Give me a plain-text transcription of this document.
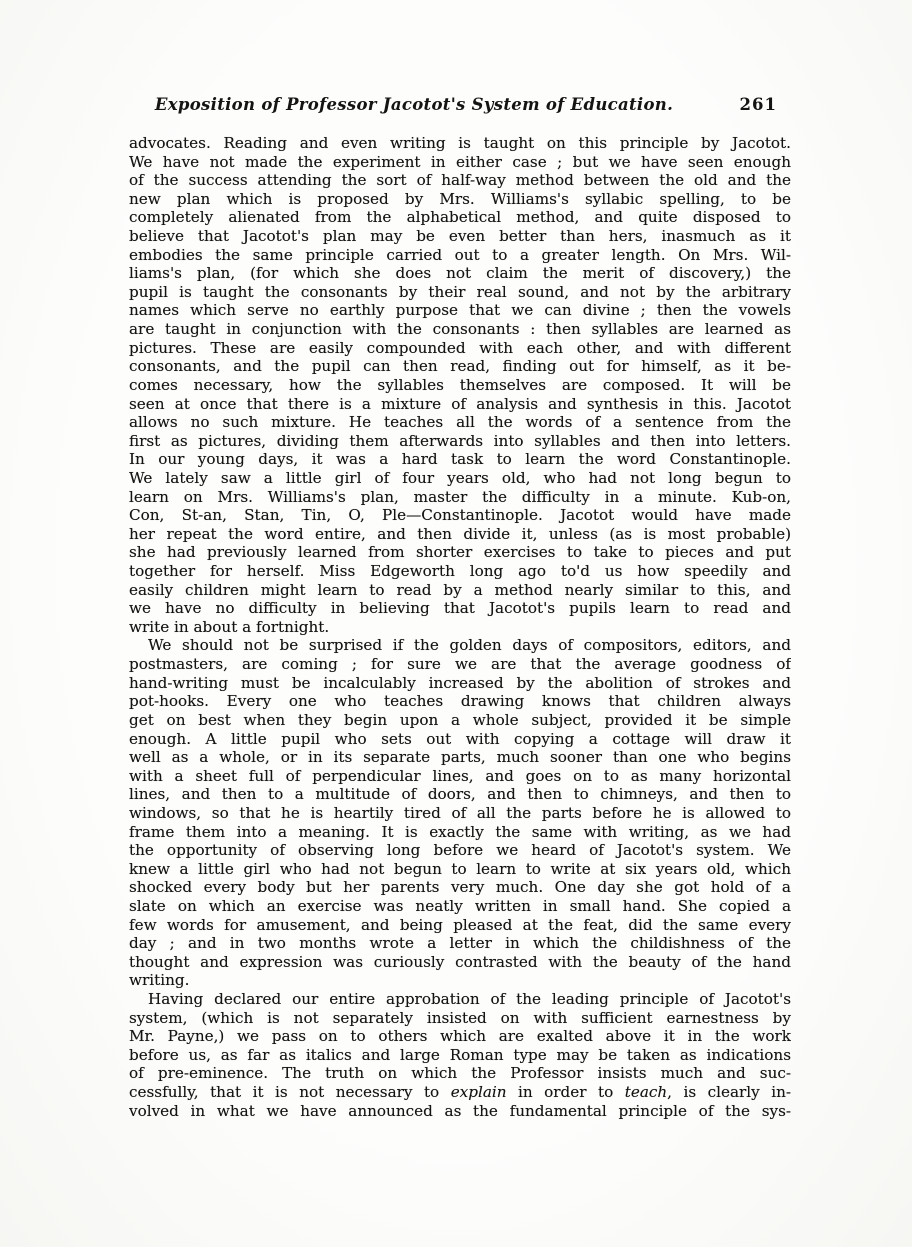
Exposition of Professor Jacotot's System of Education.	261
advocates. Reading and even writing is taught on this principle by Jacotot.
We have not made the experiment in either case ; but we have seen enough
of the success attending the sort of half-way method between the old and the
new plan which is proposed by Mrs. Williams's syllabic spelling, to be
completely alienated from the alphabetical method, and quite disposed to
believe that Jacotot's plan may be even better than hers, inasmuch as it
embodies the same principle carried out to a greater length. On Mrs. Wil-
liams's plan, (for which she does not claim the merit of discovery,) the
pupil is taught the consonants by their real sound, and not by the arbitrary
names which serve no earthly purpose that we can divine ; then the vowels
are taught in conjunction with the consonants : then syllables are learned as
pictures. These are easily compounded with each other, and with different
consonants, and the pupil can then read, finding out for himself, as it be-
comes necessary, how the syllables themselves are composed. It will be
seen at once that there is a mixture of analysis and synthesis in this. Jacotot
allows no such mixture. He teaches all the words of a sentence from the
first as pictures, dividing them afterwards into syllables and then into letters.
In our young days, it was a hard task to learn the word Constantinople.
We lately saw a little girl of four years old, who had not long begun to
learn on Mrs. Williams's plan, master the difficulty in a minute. Kub-on,
Con, St-an, Stan, Tin, O, Ple—Constantinople. Jacotot would have made
her repeat the word entire, and then divide it, unless (as is most probable)
she had previously learned from shorter exercises to take to pieces and put
together for herself. Miss Edgeworth long ago to'd us how speedily and
easily children might learn to read by a method nearly similar to this, and
we have no difficulty in believing that Jacotot's pupils learn to read and
write in about a fortnight.
We should not be surprised if the golden days of compositors, editors, and
postmasters, are coming ; for sure we are that the average goodness of
hand-writing must be incalculably increased by the abolition of strokes and
pot-hooks. Every one who teaches drawing knows that children always
get on best when they begin upon a whole subject, provided it be simple
enough. A little pupil who sets out with copying a cottage will draw it
well as a whole, or in its separate parts, much sooner than one who begins
with a sheet full of perpendicular lines, and goes on to as many horizontal
lines, and then to a multitude of doors, and then to chimneys, and then to
windows, so that he is heartily tired of all the parts before he is allowed to
frame them into a meaning. It is exactly the same with writing, as we had
the opportunity of observing long before we heard of Jacotot's system. We
knew a little girl who had not begun to learn to write at six years old, which
shocked every body but her parents very much. One day she got hold of a
slate on which an exercise was neatly written in small hand. She copied a
few words for amusement, and being pleased at the feat, did the same every
day ; and in two months wrote a letter in which the childishness of the
thought and expression was curiously contrasted with the beauty of the hand
writing.
Having declared our entire approbation of the leading principle of Jacotot's
system, (which is not separately insisted on with sufficient earnestness by
Mr. Payne,) we pass on to others which are exalted above it in the work
before us, as far as italics and large Roman type may be taken as indications
of pre-eminence. The truth on which the Professor insists much and suc-
cessfully, that it is not necessary to explain in order to teach, is clearly in-
volved in what we have announced as the fundamental principle of the sys-
